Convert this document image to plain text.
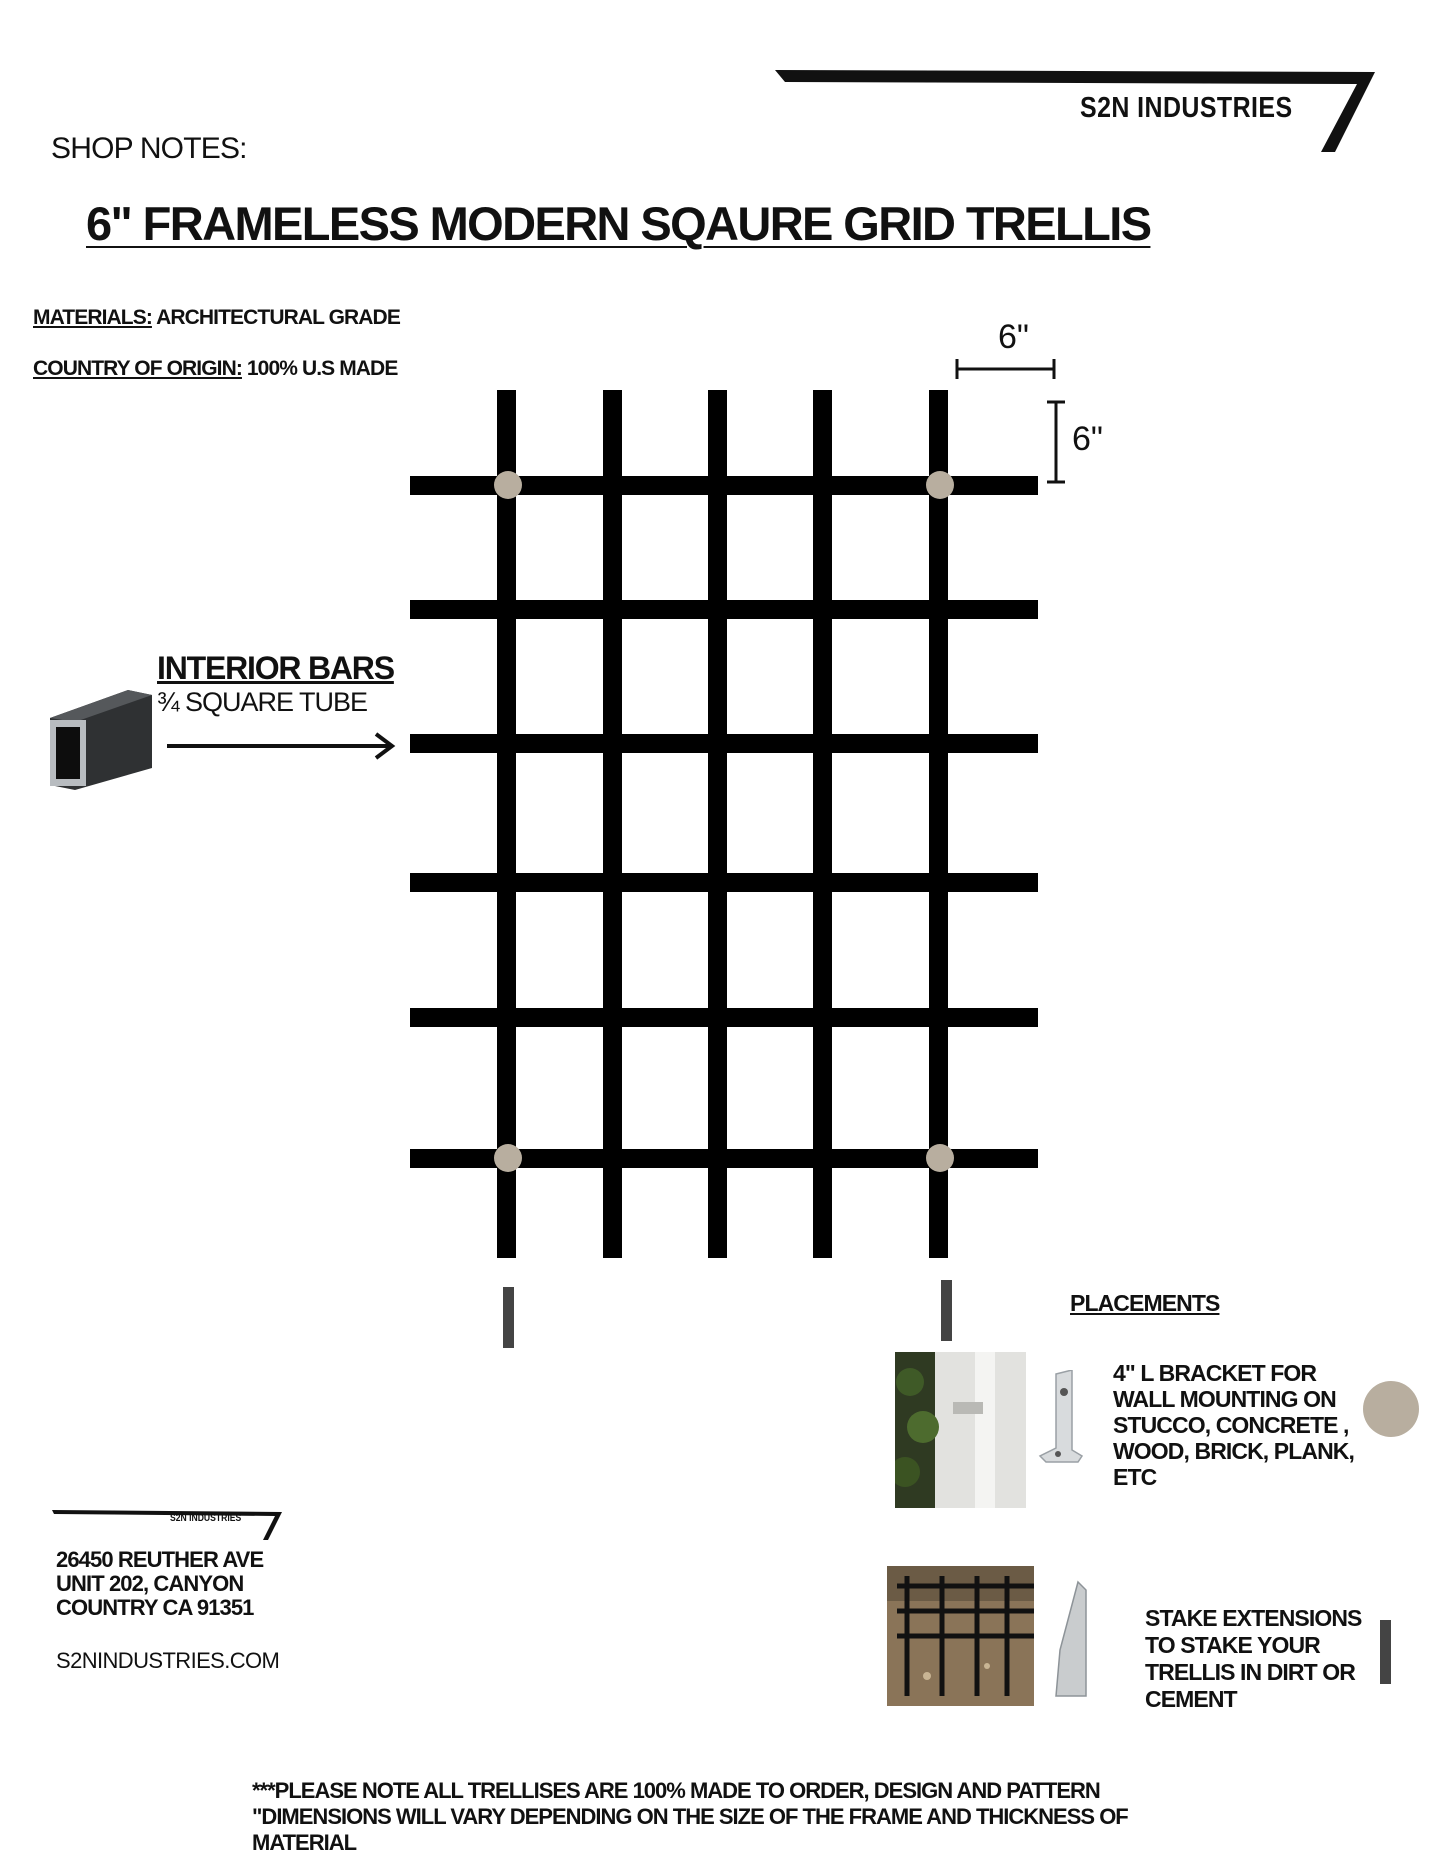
S2N INDUSTRIES
SHOP NOTES:
6" FRAMELESS MODERN SQAURE GRID TRELLIS
MATERIALS: ARCHITECTURAL GRADE
COUNTRY OF ORIGIN: 100% U.S MADE
6"
6"
INTERIOR BARS
¾ SQUARE TUBE
PLACEMENTS
4" L BRACKET FOR
WALL MOUNTING ON
STUCCO, CONCRETE ,
WOOD, BRICK, PLANK,
ETC
STAKE EXTENSIONS
TO STAKE YOUR
TRELLIS IN DIRT OR
CEMENT
S2N INDUSTRIES
26450 REUTHER AVE
UNIT 202, CANYON
COUNTRY CA 91351
S2NINDUSTRIES.COM
***PLEASE NOTE ALL TRELLISES ARE 100% MADE TO ORDER, DESIGN AND PATTERN
"DIMENSIONS WILL VARY DEPENDING ON THE SIZE OF THE FRAME AND THICKNESS OF
MATERIAL
